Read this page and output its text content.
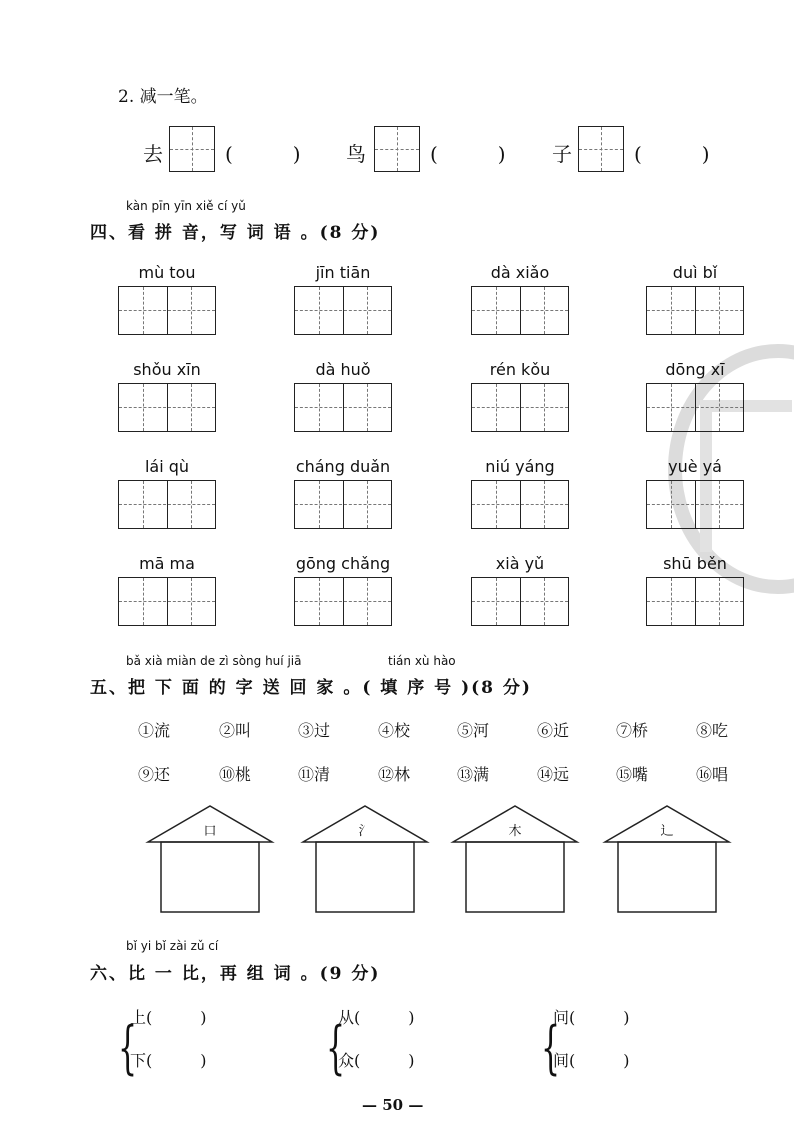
2. 减一笔。
去	(　　　) 鸟	(　　　) 子	(　　　)
kàn pīn yīn xiě cí yǔ
四、看 拼 音，写 词 语 。(8 分)
mù tou	jīn tiān	dà xiǎo	duì bǐ
shǒu xīn	dà huǒ	rén kǒu	dōng xī
lái qù	cháng duǎn	niú yáng	yuè yá
mā ma	gōng chǎng	xià yǔ	shū běn
bǎ xià miàn de zì sòng huí jiā	tián xù hào
五、把 下 面 的 字 送 回 家 。( 填 序 号 )(8 分)
①流	②叫	③过	④校	⑤河	⑥近	⑦桥	⑧吃
⑨还	⑩桃	⑪清	⑫林	⑬满	⑭远	⑮嘴	⑯唱
口	氵	木	辶
bǐ yi bǐ zài zǔ cí
六、比 一 比，再 组 词 。(9 分)
{
上(　　　)
下(　　　)	{
从(　　　)
众(　　　)	{
问(　　　)
间(　　　)
— 50 —
